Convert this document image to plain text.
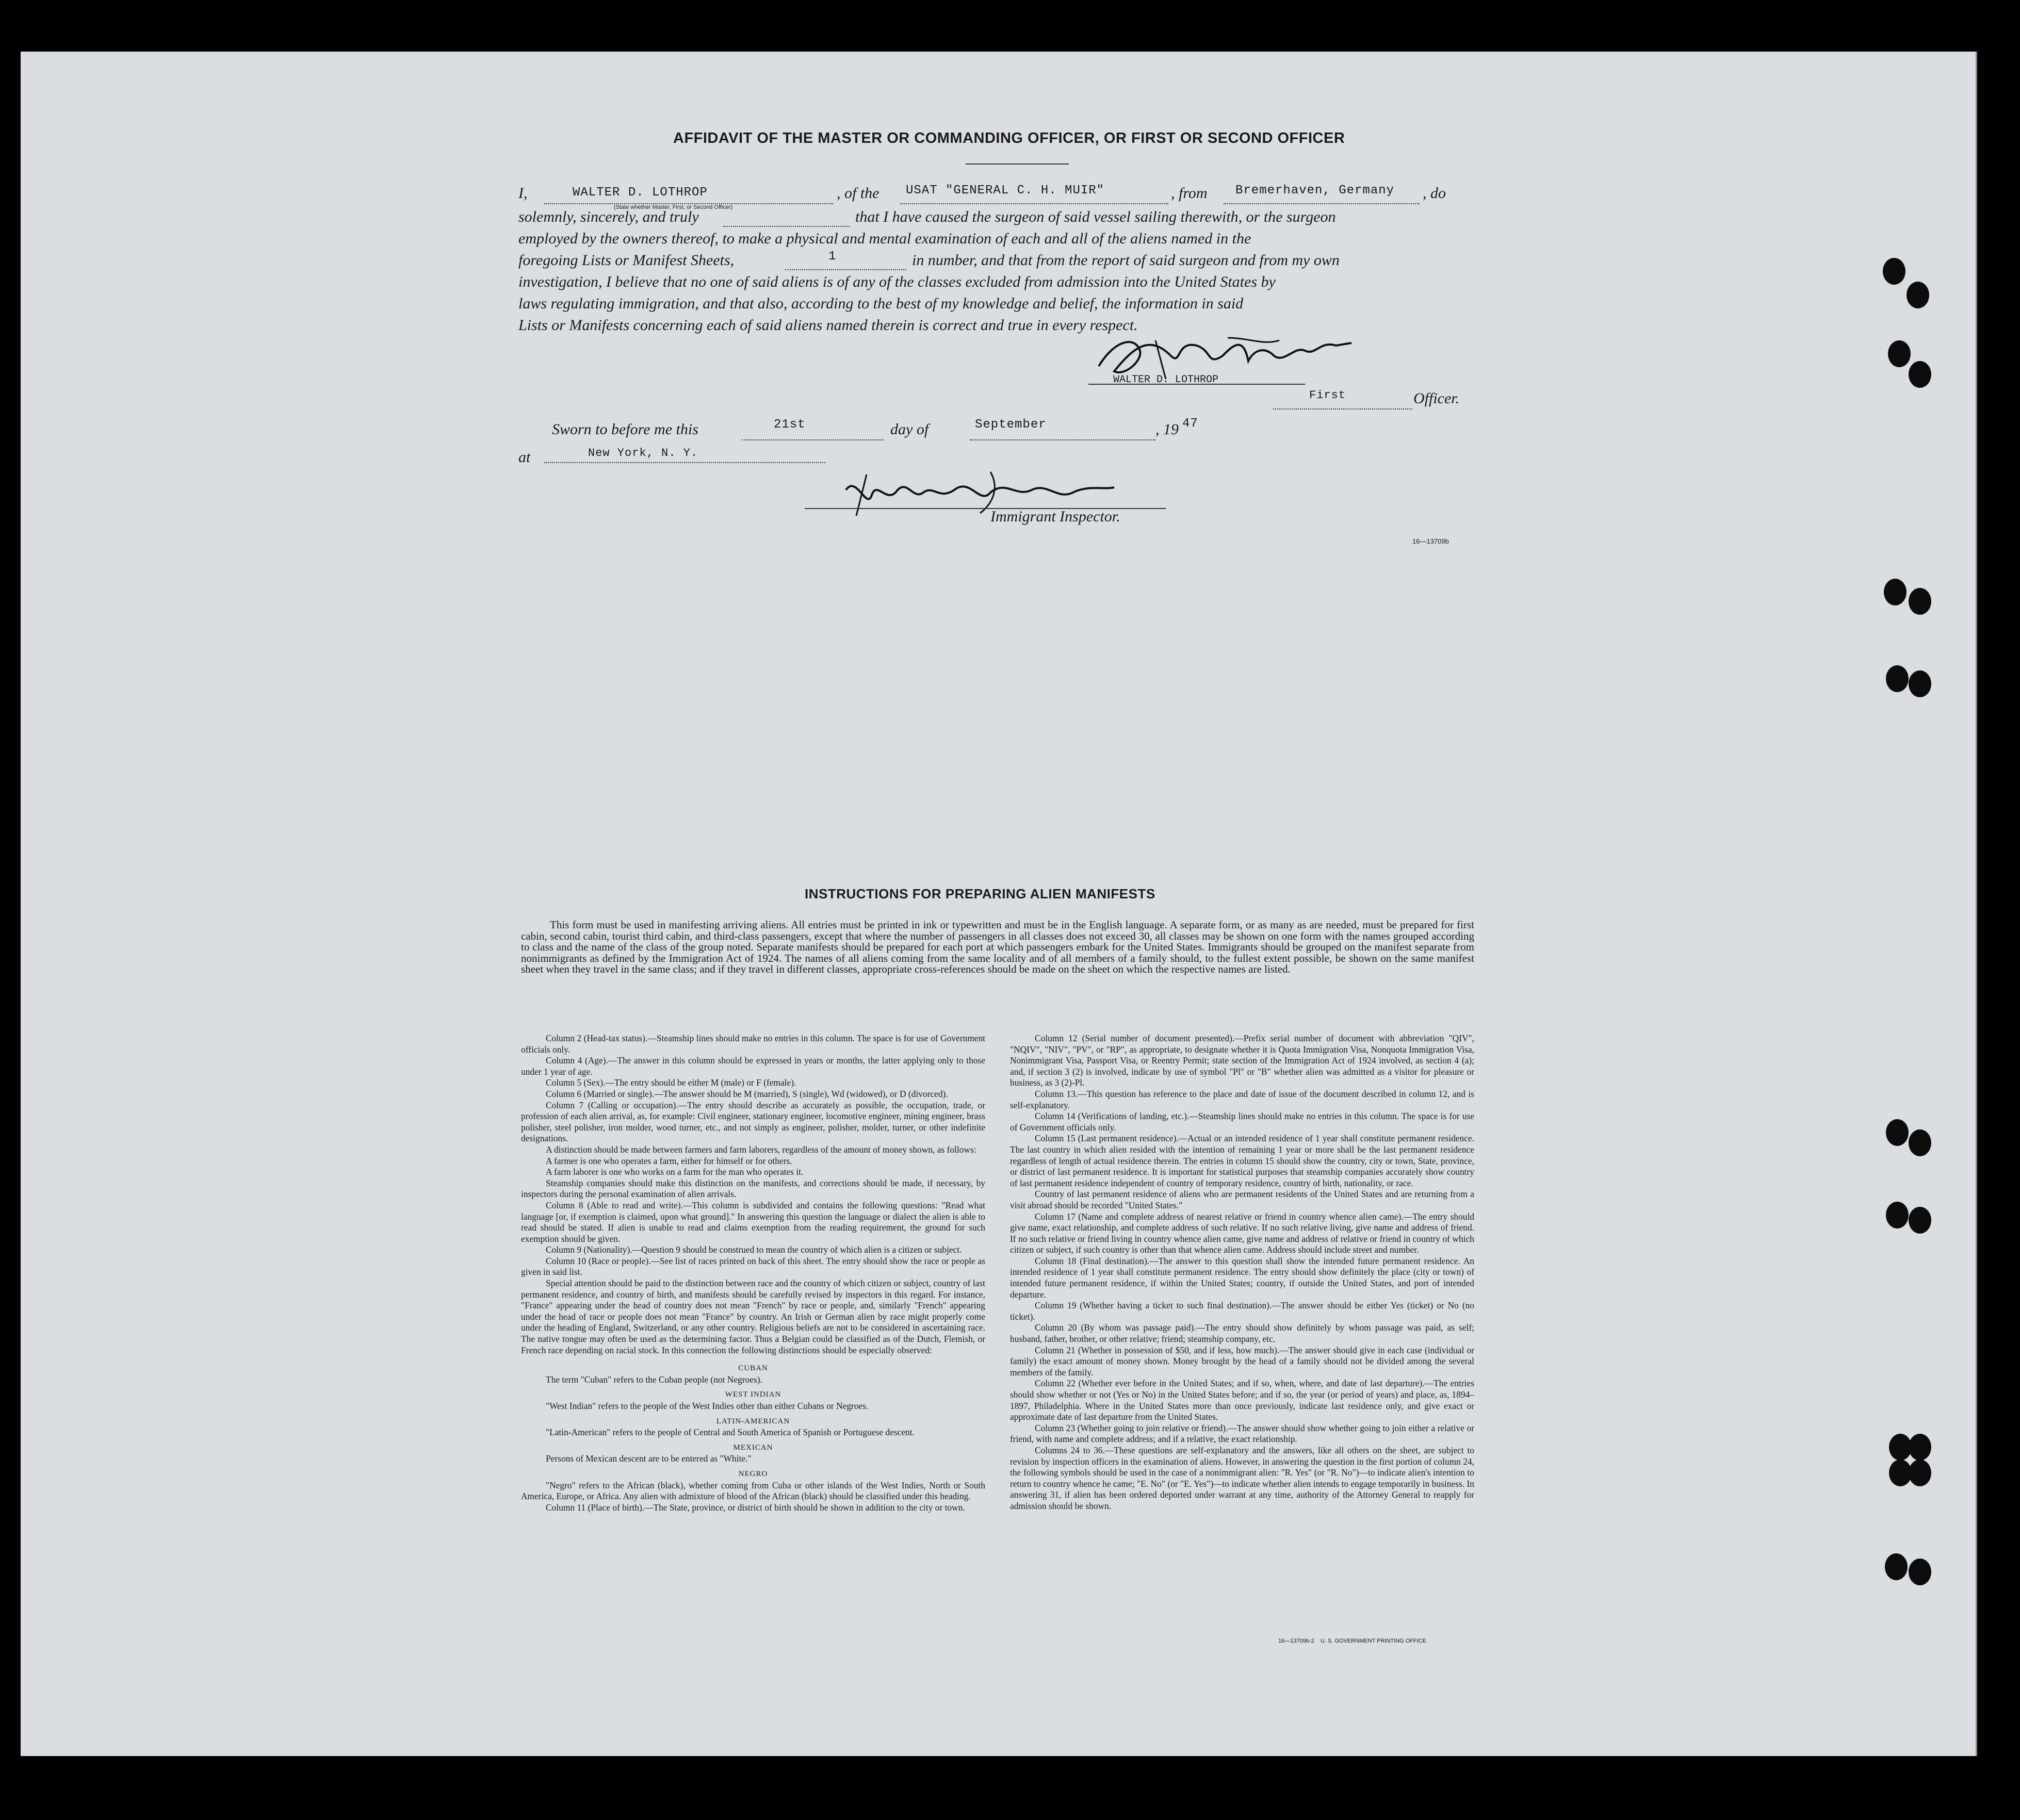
AFFIDAVIT OF THE MASTER OR COMMANDING OFFICER, OR FIRST OR SECOND OFFICER
I,	WALTER D. LOTHROP
(State whether Master, First, or Second Officer)
, of the USAT "GENERAL C. H. MUIR"	, from Bremerhaven, Germany , do
solemnly, sincerely, and truly	that I have caused the surgeon of said vessel sailing therewith, or the surgeon
employed by the owners thereof, to make a physical and mental examination of each and all of the aliens named in the
foregoing Lists or Manifest Sheets,	1	in number, and that from the report of said surgeon and from my own
investigation, I believe that no one of said aliens is of any of the classes excluded from admission into the United States by
laws regulating immigration, and that also, according to the best of my knowledge and belief, the information in said
Lists or Manifests concerning each of said aliens named therein is correct and true in every respect.
WALTER D. LOTHROP
First	Officer.
Sworn to before me this	21st	day of	September	, 19 47
at	New York, N. Y.
Immigrant Inspector.
16—13709b
INSTRUCTIONS FOR PREPARING ALIEN MANIFESTS
This form must be used in manifesting arriving aliens. All entries must be printed in ink or typewritten and must be in the English language. A separate form, or as many as are needed, must be prepared for first cabin, second cabin, tourist third cabin, and third-class passengers, except that where the number of passengers in all classes does not exceed 30, all classes may be shown on one form with the names grouped according to class and the name of the class of the group noted. Separate manifests should be prepared for each port at which passengers embark for the United States. Immigrants should be grouped on the manifest separate from nonimmigrants as defined by the Immigration Act of 1924. The names of all aliens coming from the same locality and of all members of a family should, to the fullest extent possible, be shown on the same manifest sheet when they travel in the same class; and if they travel in different classes, appropriate cross-references should be made on the sheet on which the respective names are listed.

Column 2 (Head-tax status).—Steamship lines should make no entries in this column. The space is for use of Government officials only.

Column 4 (Age).—The answer in this column should be expressed in years or months, the latter applying only to those under 1 year of age.

Column 5 (Sex).—The entry should be either M (male) or F (female).

Column 6 (Married or single).—The answer should be M (married), S (single), Wd (widowed), or D (divorced).

Column 7 (Calling or occupation).—The entry should describe as accurately as possible, the occupation, trade, or profession of each alien arrival, as, for example: Civil engineer, stationary engineer, locomotive engineer, mining engineer, brass polisher, steel polisher, iron molder, wood turner, etc., and not simply as engineer, polisher, molder, turner, or other indefinite designations.

A distinction should be made between farmers and farm laborers, regardless of the amount of money shown, as follows:

A farmer is one who operates a farm, either for himself or for others.

A farm laborer is one who works on a farm for the man who operates it.

Steamship companies should make this distinction on the manifests, and corrections should be made, if necessary, by inspectors during the personal examination of alien arrivals.

Column 8 (Able to read and write).—This column is subdivided and contains the following questions: "Read what language [or, if exemption is claimed, upon what ground]." In answering this question the language or dialect the alien is able to read should be stated. If alien is unable to read and claims exemption from the reading requirement, the ground for such exemption should be given.

Column 9 (Nationality).—Question 9 should be construed to mean the country of which alien is a citizen or subject.

Column 10 (Race or people).—See list of races printed on back of this sheet. The entry should show the race or people as given in said list.

Special attention should be paid to the distinction between race and the country of which citizen or subject, country of last permanent residence, and country of birth, and manifests should be carefully revised by inspectors in this regard. For instance, "France" appearing under the head of country does not mean "French" by race or people, and, similarly "French" appearing under the head of race or people does not mean "France" by country. An Irish or German alien by race might properly come under the heading of England, Switzerland, or any other country. Religious beliefs are not to be considered in ascertaining race. The native tongue may often be used as the determining factor. Thus a Belgian could be classified as of the Dutch, Flemish, or French race depending on racial stock. In this connection the following distinctions should be especially observed:

CUBAN

The term "Cuban" refers to the Cuban people (not Negroes).

WEST INDIAN

"West Indian" refers to the people of the West Indies other than either Cubans or Negroes.

LATIN-AMERICAN

"Latin-American" refers to the people of Central and South America of Spanish or Portuguese descent.

MEXICAN

Persons of Mexican descent are to be entered as "White."

NEGRO

"Negro" refers to the African (black), whether coming from Cuba or other islands of the West Indies, North or South America, Europe, or Africa. Any alien with admixture of blood of the African (black) should be classified under this heading.

Column 11 (Place of birth).—The State, province, or district of birth should be shown in addition to the city or town.

Column 12 (Serial number of document presented).—Prefix serial number of document with abbreviation "QIV", "NQIV", "NIV", "PV", or "RP", as appropriate, to designate whether it is Quota Immigration Visa, Nonquota Immigration Visa, Nonimmigrant Visa, Passport Visa, or Reentry Permit; state section of the Immigration Act of 1924 involved, as section 4 (a); and, if section 3 (2) is involved, indicate by use of symbol "Pl" or "B" whether alien was admitted as a visitor for pleasure or business, as 3 (2)-Pl.

Column 13.—This question has reference to the place and date of issue of the document described in column 12, and is self-explanatory.

Column 14 (Verifications of landing, etc.).—Steamship lines should make no entries in this column. The space is for use of Government officials only.

Column 15 (Last permanent residence).—Actual or an intended residence of 1 year shall constitute permanent residence. The last country in which alien resided with the intention of remaining 1 year or more shall be the last permanent residence regardless of length of actual residence therein. The entries in column 15 should show the country, city or town, State, province, or district of last permanent residence. It is important for statistical purposes that steamship companies accurately show country of last permanent residence independent of country of temporary residence, country of birth, nationality, or race.

Country of last permanent residence of aliens who are permanent residents of the United States and are returning from a visit abroad should be recorded "United States."

Column 17 (Name and complete address of nearest relative or friend in country whence alien came).—The entry should give name, exact relationship, and complete address of such relative. If no such relative living, give name and address of friend. If no such relative or friend living in country whence alien came, give name and address of relative or friend in country of which citizen or subject, if such country is other than that whence alien came. Address should include street and number.

Column 18 (Final destination).—The answer to this question shall show the intended future permanent residence. An intended residence of 1 year shall constitute permanent residence. The entry should show definitely the place (city or town) of intended future permanent residence, if within the United States; country, if outside the United States, and port of intended departure.

Column 19 (Whether having a ticket to such final destination).—The answer should be either Yes (ticket) or No (no ticket).

Column 20 (By whom was passage paid).—The entry should show definitely by whom passage was paid, as self; husband, father, brother, or other relative; friend; steamship company, etc.

Column 21 (Whether in possession of $50, and if less, how much).—The answer should give in each case (individual or family) the exact amount of money shown. Money brought by the head of a family should not be divided among the several members of the family.

Column 22 (Whether ever before in the United States; and if so, when, where, and date of last departure).—The entries should show whether or not (Yes or No) in the United States before; and if so, the year (or period of years) and place, as, 1894–1897, Philadelphia. Where in the United States more than once previously, indicate last residence only, and give exact or approximate date of last departure from the United States.

Column 23 (Whether going to join relative or friend).—The answer should show whether going to join either a relative or friend, with name and complete address; and if a relative, the exact relationship.

Columns 24 to 36.—These questions are self-explanatory and the answers, like all others on the sheet, are subject to revision by inspection officers in the examination of aliens. However, in answering the question in the first portion of column 24, the following symbols should be used in the case of a nonimmigrant alien: "R. Yes" (or "R. No")—to indicate alien's intention to return to country whence he came; "E. No" (or "E. Yes")—to indicate whether alien intends to engage temporarily in business. In answering 31, if alien has been ordered deported under warrant at any time, authority of the Attorney General to reapply for admission should be shown.

16—13709b-2    U. S. GOVERNMENT PRINTING OFFICE
